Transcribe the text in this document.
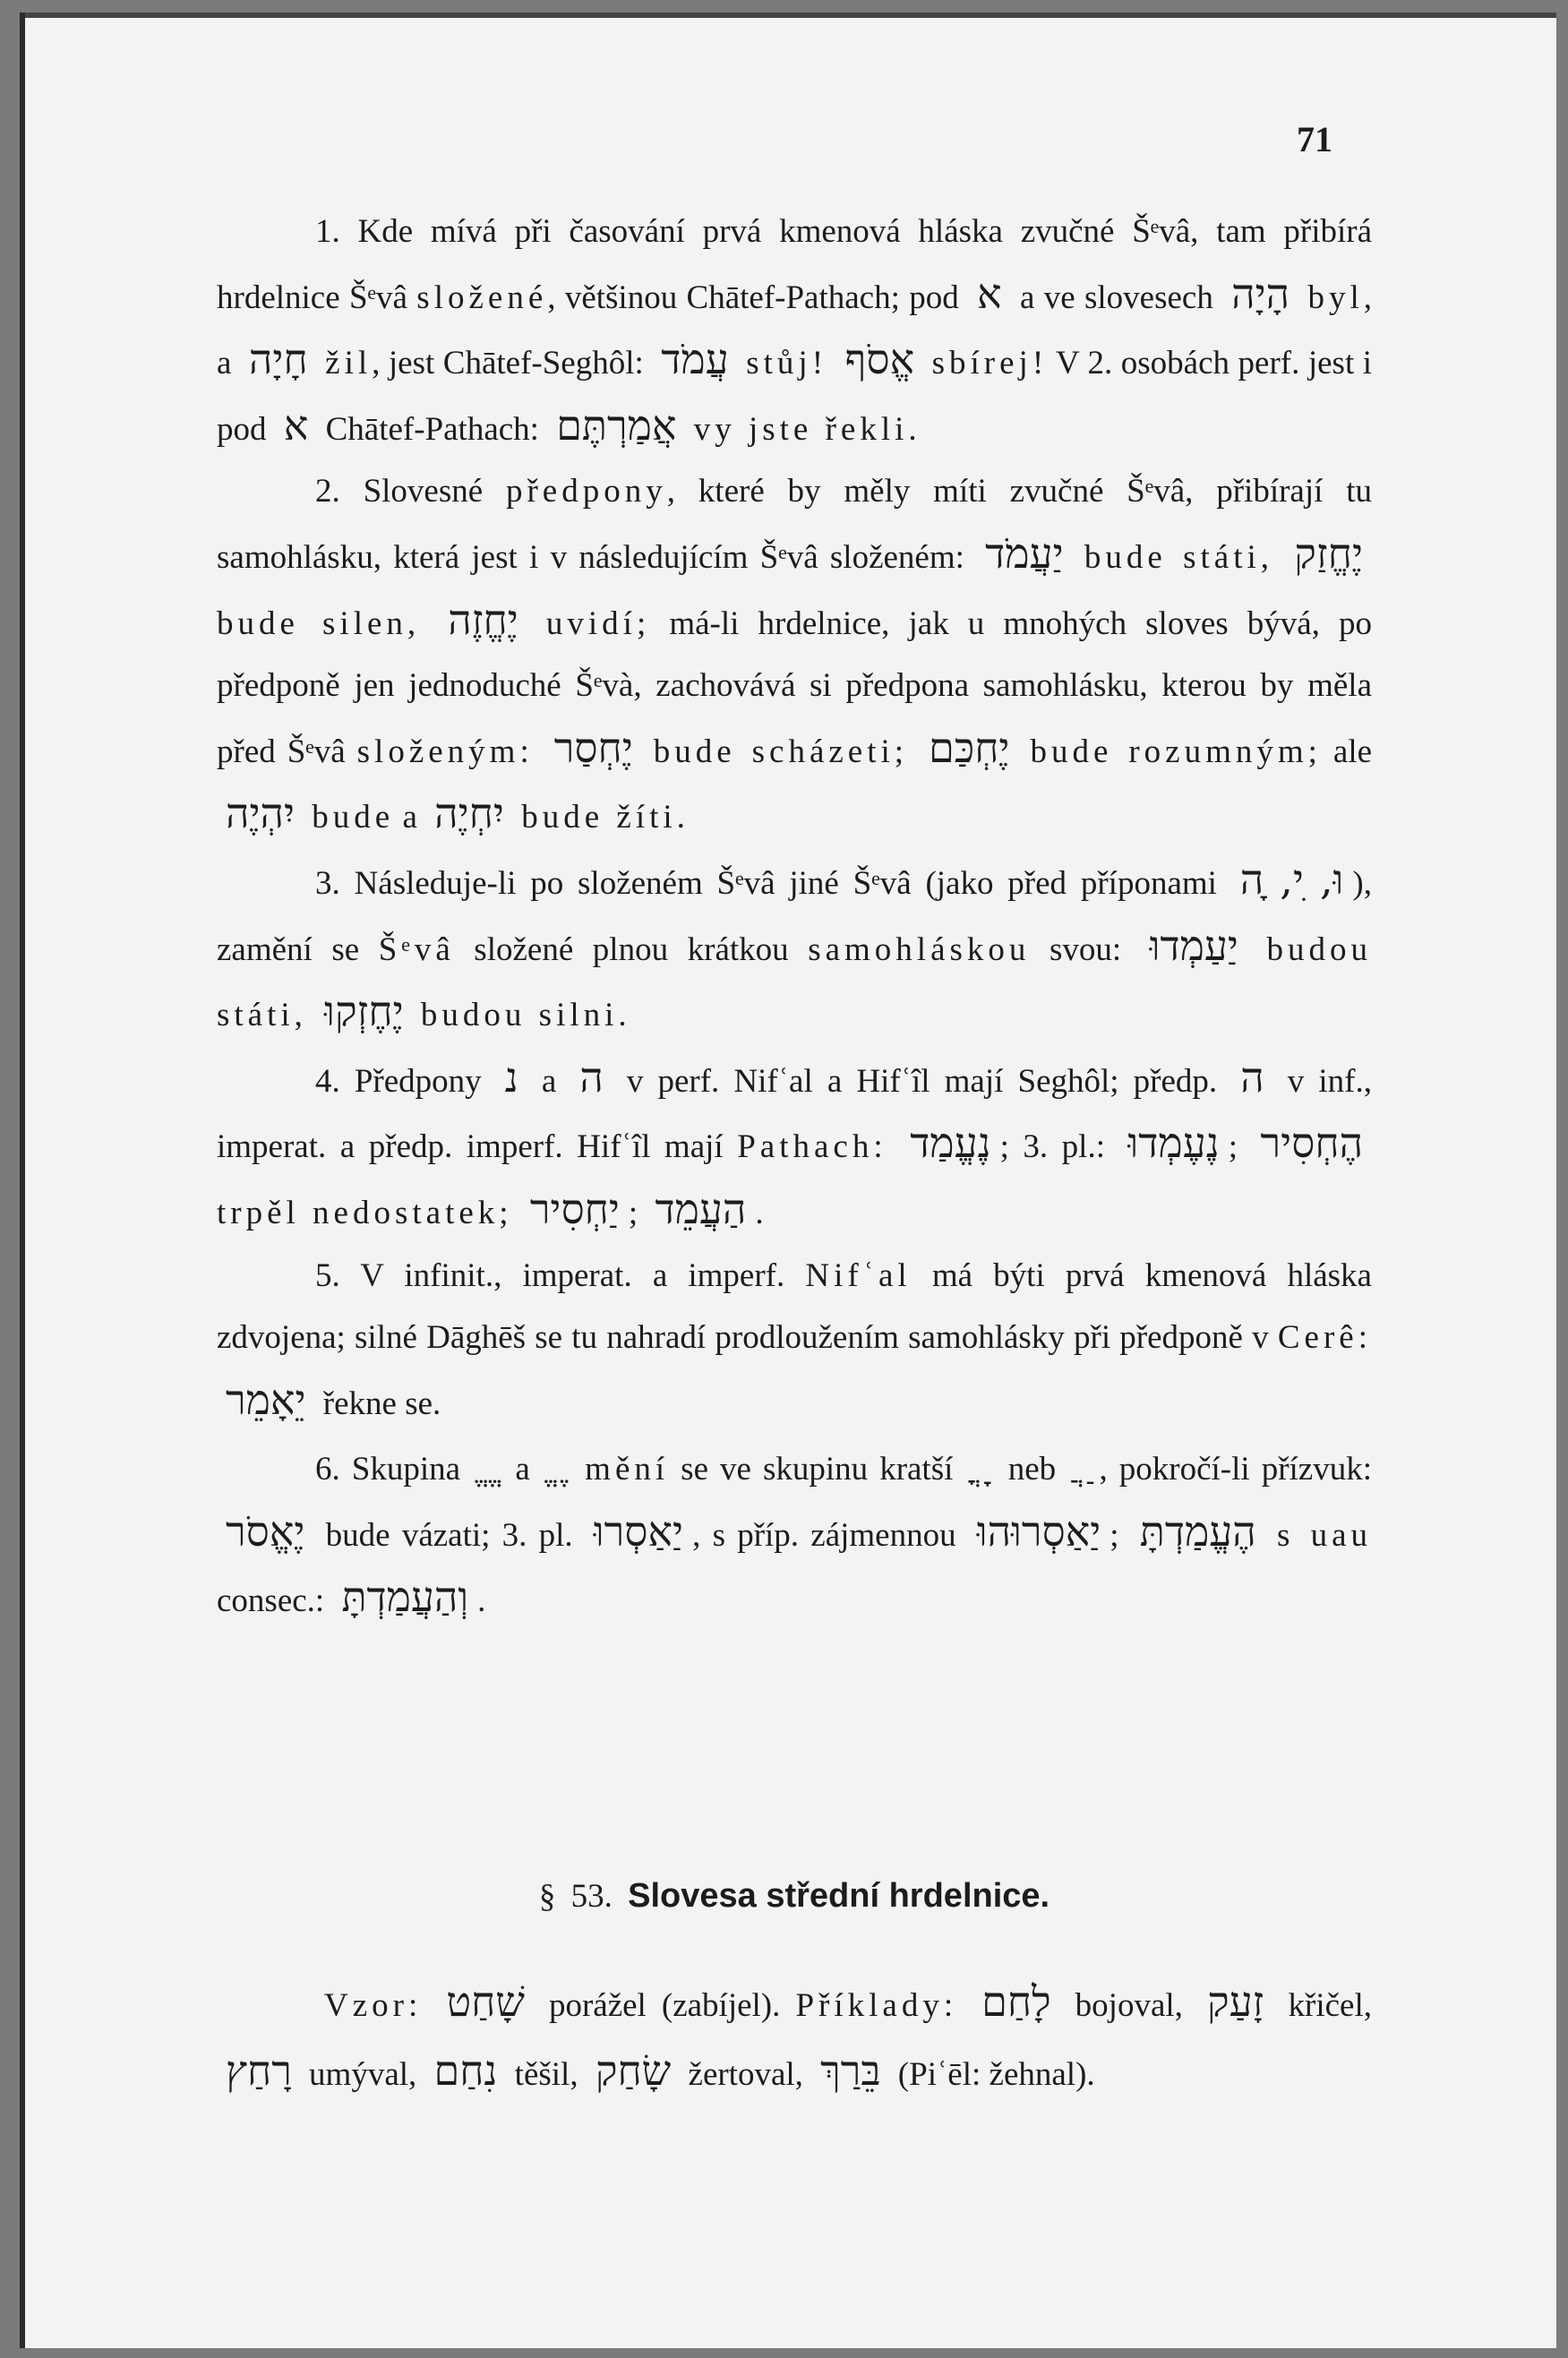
71

1. Kde mívá při časování prvá kmenová hláska zvučné Šᵉvâ, tam přibírá hrdelnice Šᵉvâ složené, většinou Chātef-Pathach; pod א a ve slovesech הָיָה byl, a חָיָה žil, jest Chātef-Seghôl: עֲמֹד stůj! אֱסֹף sbírej! V 2. osobách perf. jest i pod א Chātef-Pathach: אֲמַרְתֶּם vy jste řekli.

2. Slovesné předpony, které by měly míti zvučné Šᵉvâ, přibírají tu samohlásku, která jest i v následujícím Šᵉvâ složeném: יַעֲמֹד bude státi, יֶחֱזַק bude silen, יֶחֱזֶה uvidí; má-li hrdelnice, jak u mnohých sloves bývá, po předponě jen jednoduché Šᵉvà, zachovává si předpona samohlásku, kterou by měla před Šᵉvâ složeným: יֶחְסַר bude scházeti; יֶחְכַּם bude rozumným; ale יִהְיֶה bude a יִחְיֶה bude žíti.

3. Následuje-li po složeném Šᵉvâ jiné Šᵉvâ (jako před příponami וּ, ִי, ָה ), zamění se Šᵉvâ složené plnou krátkou samohláskou svou: יַעַמְדוּ budou státi, יֶחֶזְקוּ budou silni.

4. Předpony נ a ה v perf. Nifʿal a Hifʿîl mají Seghôl; předp. ה v inf., imperat. a předp. imperf. Hifʿîl mají Pathach: נֶעֱמַד ; 3. pl.: נֶעֶמְדוּ ; הֶחְסִיר trpěl nedostatek; יַחְסִיר ; הַעֲמֵד .

5. V infinit., imperat. a imperf. Nifʿal má býti prvá kmenová hláska zdvojena; silné Dāghēš se tu nahradí prodloužením samohlásky při předponě v Cerê: יֵאָמֵר řekne se.

6. Skupina ֱ ֱ a ֶ ֱ mění se ve skupinu kratší ָ ֳ neb ַ ֲ , pokročí-li přízvuk: יֶאֱסֹר bude vázati; 3. pl. יַאַסְרוּ , s příp. zájmennou יַאַסְרוּהוּ ; הֶעֱמַדְתָּ s uau consec.: וְהַעֲמַדְתָּ .

§ 53. Slovesa střední hrdelnice.

Vzor: שָׁחַט porážel (zabíjel). Příklady: לָחַם bojoval, זָעַק křičel, רָחַץ umýval, נִחַם těšil, שָׂחַק žertoval, בֵּרַךְ (Piʿēl: žehnal).
